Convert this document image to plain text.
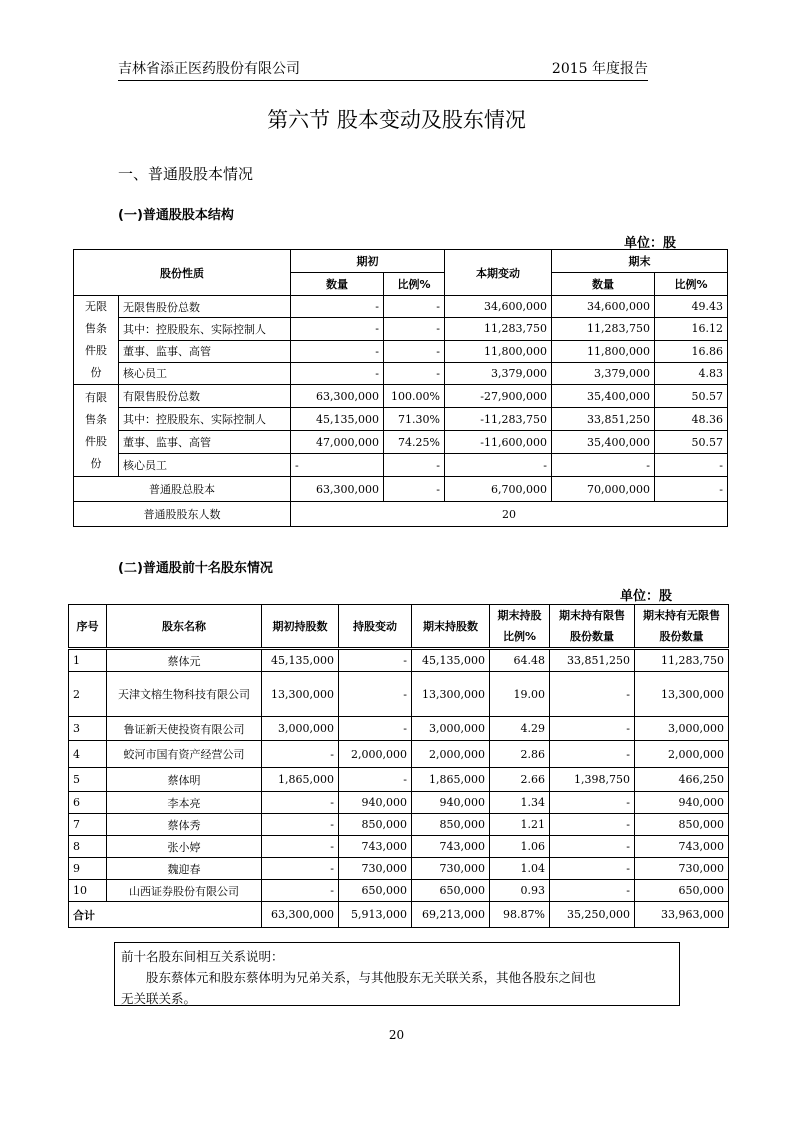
吉林省添正医药股份有限公司	2015 年度报告
第六节 股本变动及股东情况
一、普通股股本情况
(一)普通股股本结构
单位：股
股份性质		期初		本期变动	期末	
		数量	比例%		数量	比例%
无限售条件股份	无限售股份总数	-	-	34,600,000	34,600,000	49.43
	其中：控股股东、实际控制人	-	-	11,283,750	11,283,750	16.12
	董事、监事、高管	-	-	11,800,000	11,800,000	16.86
	核心员工	-	-	3,379,000	3,379,000	4.83
有限售条件股份	有限售股份总数	63,300,000	100.00%	-27,900,000	35,400,000	50.57
	其中：控股股东、实际控制人	45,135,000	71.30%	-11,283,750	33,851,250	48.36
	董事、监事、高管	47,000,000	74.25%	-11,600,000	35,400,000	50.57
	核心员工	-	-	-	-	-
普通股总股本		63,300,000	-	6,700,000	70,000,000	-
普通股股东人数		20				
(二)普通股前十名股东情况
单位：股
序号	股东名称	期初持股数	持股变动	期末持股数	期末持股比例%	期末持有限售股份数量	期末持有无限售股份数量
1	蔡体元	45,135,000	-	45,135,000	64.48	33,851,250	11,283,750
2	天津文榕生物科技有限公司	13,300,000	-	13,300,000	19.00	-	13,300,000
3	鲁证新天使投资有限公司	3,000,000	-	3,000,000	4.29	-	3,000,000
4	蛟河市国有资产经营公司	-	2,000,000	2,000,000	2.86	-	2,000,000
5	蔡体明	1,865,000	-	1,865,000	2.66	1,398,750	466,250
6	李本亮	-	940,000	940,000	1.34	-	940,000
7	蔡体秀	-	850,000	850,000	1.21	-	850,000
8	张小婷	-	743,000	743,000	1.06	-	743,000
9	魏迎春	-	730,000	730,000	1.04	-	730,000
10	山西证券股份有限公司	-	650,000	650,000	0.93	-	650,000
合计		63,300,000	5,913,000	69,213,000	98.87%	35,250,000	33,963,000
前十名股东间相互关系说明：
股东蔡体元和股东蔡体明为兄弟关系，与其他股东无关联关系，其他各股东之间也
无关联关系。
20
